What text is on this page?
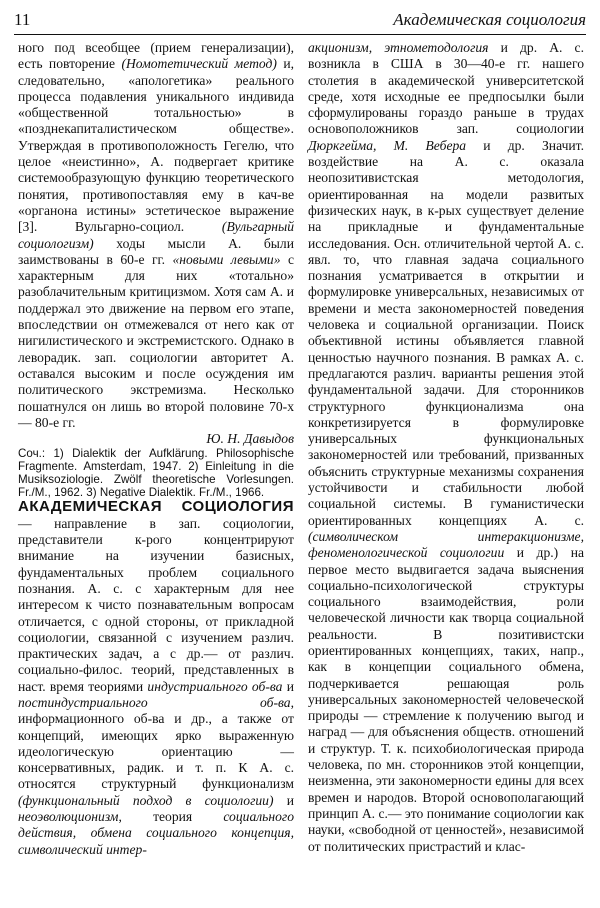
11	Академическая социология

ного под всеобщее (прием генерализации), есть повторение (Номотетический метод) и, следовательно, «апологетика» реального процесса подавления уникального индивида «общественной тотальностью» в «позднекапиталистическом обществе». Утверждая в противоположность Гегелю, что целое «неистинно», А. подвергает критике системообразующую функцию теоретического понятия, противопоставляя ему в кач-ве «органона истины» эстетическое выражение [3]. Вульгарно-социол. (Вульгарный социологизм) ходы мысли А. были заимствованы в 60-е гг. «новыми левыми» с характерным для них «тотально» разоблачительным критицизмом. Хотя сам А. и поддержал это движение на первом его этапе, впоследствии он отмежевался от него как от нигилистического и экстремистского. Однако в леворадик. зап. социологии авторитет А. оставался высоким и после осуждения им политического экстремизма. Несколько пошатнулся он лишь во второй половине 70-х — 80-е гг.

Ю. Н. Давыдов

Соч.: 1) Dialektik der Aufklärung. Philosophische Fragmente. Amsterdam, 1947. 2) Einleitung in die Musiksoziologie. Zwölf theoretische Vorlesungen. Fr./M., 1962. 3) Negative Dialektik. Fr./M., 1966.

АКАДЕМИЧЕСКАЯ СОЦИОЛОГИЯ — направление в зап. социологии, представители к-рого концентрируют внимание на изучении базисных, фундаментальных проблем социального познания. А. с. с характерным для нее интересом к чисто познавательным вопросам отличается, с одной стороны, от прикладной социологии, связанной с изучением различ. практических задач, а с др.— от различ. социально-филос. теорий, представленных в наст. время теориями индустриального об-ва и постиндустриального об-ва, информационного об-ва и др., а также от концепций, имеющих ярко выраженную идеологическую ориентацию — консервативных, радик. и т. п. К А. с. относятся структурный функционализм (функциональный подход в социологии) и неоэволюционизм, теория социального действия, обмена социального концепция, символический интер-

акционизм, этнометодология и др. А. с. возникла в США в 30—40-е гг. нашего столетия в академической университетской среде, хотя исходные ее предпосылки были сформулированы гораздо раньше в трудах основоположников зап. социологии Дюркгейма, М. Вебера и др. Значит. воздействие на А. с. оказала неопозитивистская методология, ориентированная на модели развитых физических наук, в к-рых существует деление на прикладные и фундаментальные исследования. Осн. отличительной чертой А. с. явл. то, что главная задача социального познания усматривается в открытии и формулировке универсальных, независимых от времени и места закономерностей поведения человека и социальной организации. Поиск объективной истины объявляется главной ценностью научного познания. В рамках А. с. предлагаются различ. варианты решения этой фундаментальной задачи. Для сторонников структурного функционализма она конкретизируется в формулировке универсальных функциональных закономерностей или требований, призванных объяснить структурные механизмы сохранения устойчивости и стабильности любой социальной системы. В гуманистически ориентированных концепциях А. с. (символическом интеракционизме, феноменологической социологии и др.) на первое место выдвигается задача выяснения социально-психологической структуры социального взаимодействия, роли человеческой личности как творца социальной реальности. В позитивистски ориентированных концепциях, таких, напр., как в концепции социального обмена, подчеркивается решающая роль универсальных закономерностей человеческой природы — стремление к получению выгод и наград — для объяснения обществ. отношений и структур. Т. к. психобиологическая природа человека, по мн. сторонников этой концепции, неизменна, эти закономерности едины для всех времен и народов. Второй основополагающий принцип А. с.— это понимание социологии как науки, «свободной от ценностей», независимой от политических пристрастий и клас-
